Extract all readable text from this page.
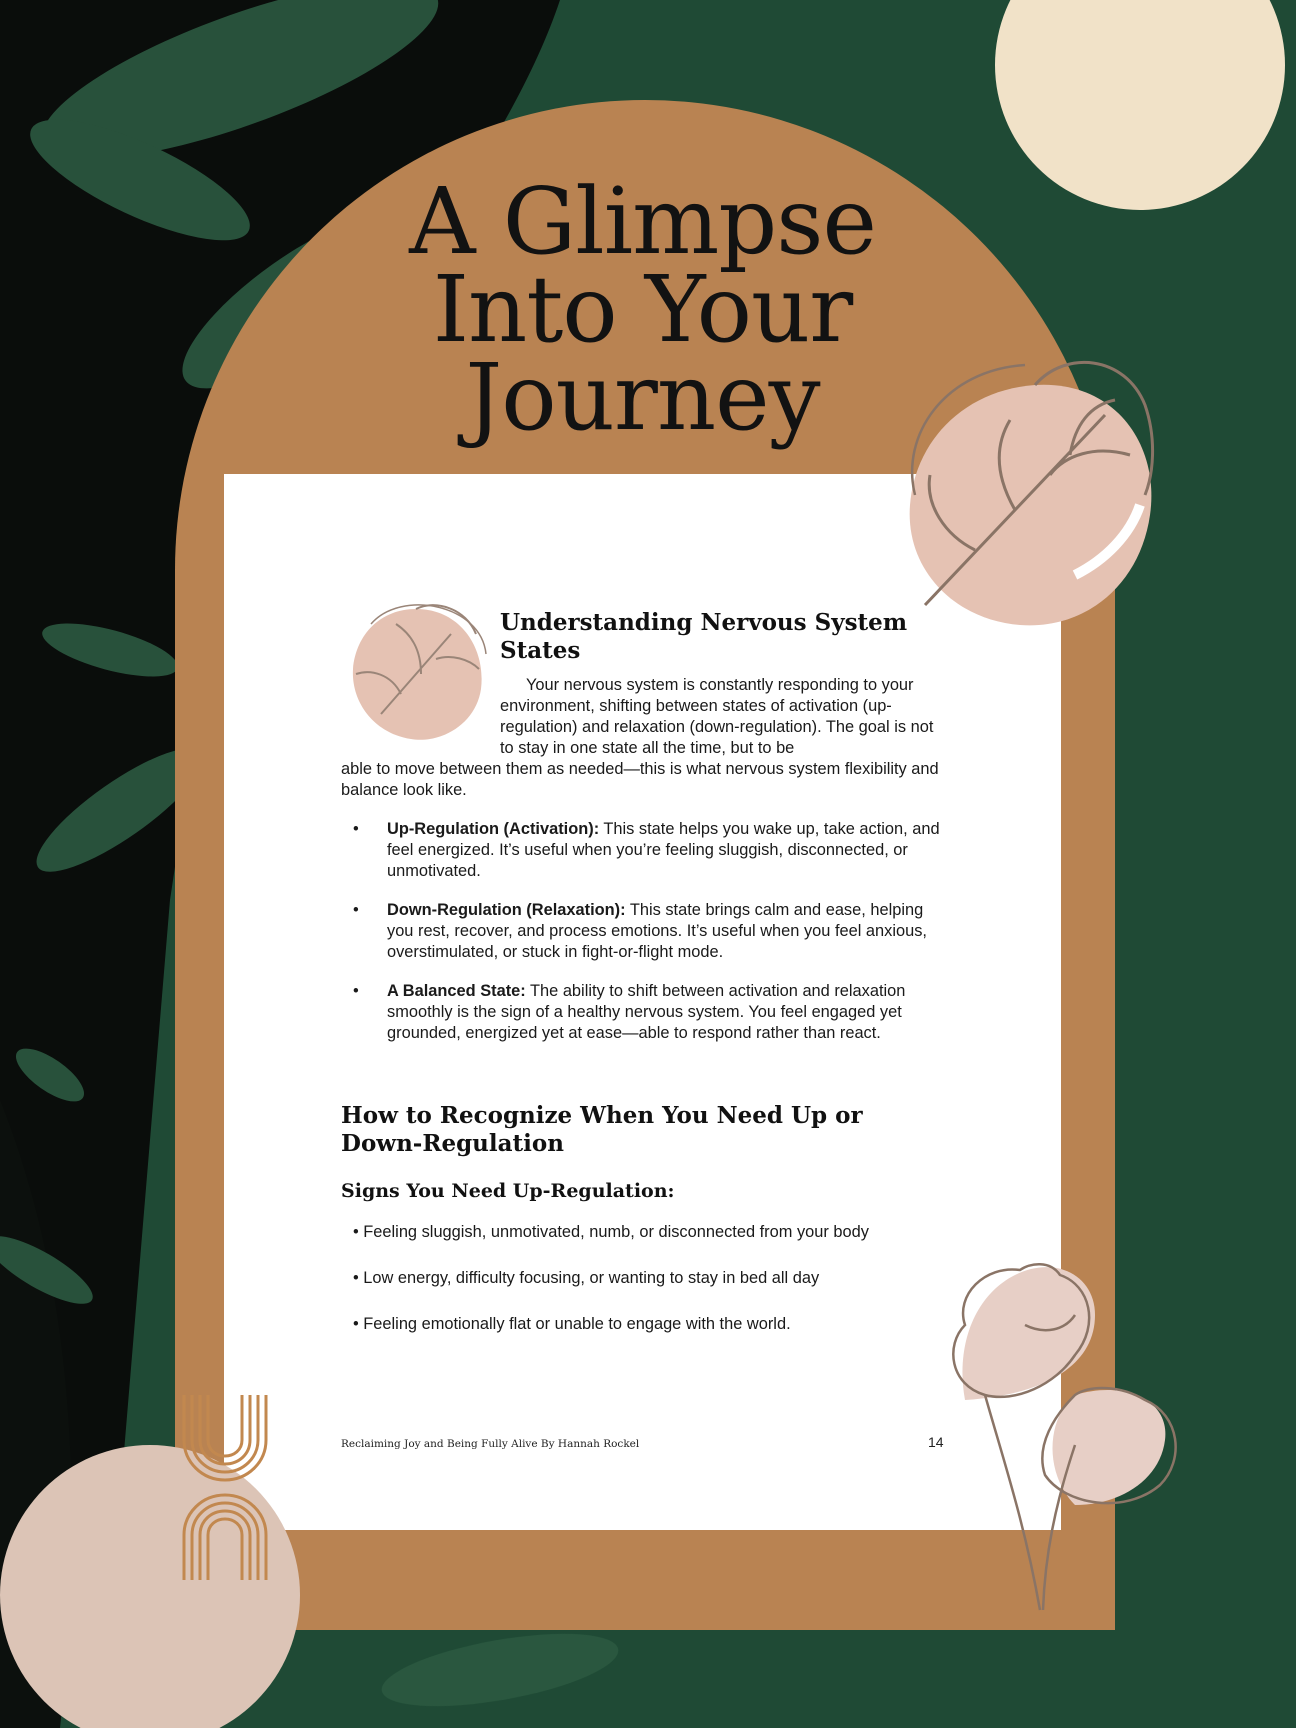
A Glimpse
Into Your
Journey
Understanding Nervous System States

Your nervous system is constantly responding to your environment, shifting between states of activation (up-regulation) and relaxation (down-regulation). The goal is not to stay in one state all the time, but to be
able to move between them as needed—this is what nervous system flexibility and balance look like.

• Up-Regulation (Activation): This state helps you wake up, take action, and feel energized. It’s useful when you’re feeling sluggish, disconnected, or unmotivated.
• Down-Regulation (Relaxation): This state brings calm and ease, helping you rest, recover, and process emotions. It’s useful when you feel anxious, overstimulated, or stuck in fight-or-flight mode.
• A Balanced State: The ability to shift between activation and relaxation smoothly is the sign of a healthy nervous system. You feel engaged yet grounded, energized yet at ease—able to respond rather than react.
How to Recognize When You Need Up or Down-Regulation
Signs You Need Up-Regulation:
• Feeling sluggish, unmotivated, numb, or disconnected from your body
• Low energy, difficulty focusing, or wanting to stay in bed all day
• Feeling emotionally flat or unable to engage with the world.
Reclaiming Joy and Being Fully Alive By Hannah Rockel	14
